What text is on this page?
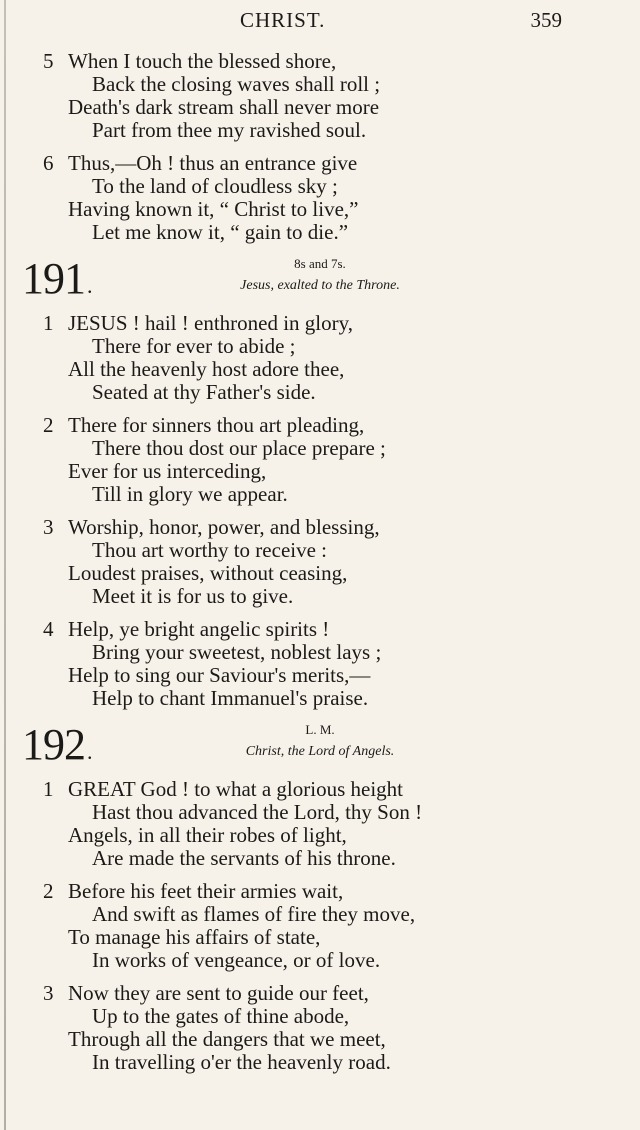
CHRIST.	359
5 When I touch the blessed shore,
Back the closing waves shall roll ;
Death's dark stream shall never more
Part from thee my ravished soul.
6 Thus,—Oh ! thus an entrance give
To the land of cloudless sky ;
Having known it, “ Christ to live,”
Let me know it, “ gain to die.”
191 .	8s and 7s.
Jesus, exalted to the Throne.
1 JESUS ! hail ! enthroned in glory,
There for ever to abide ;
All the heavenly host adore thee,
Seated at thy Father's side.
2 There for sinners thou art pleading,
There thou dost our place prepare ;
Ever for us interceding,
Till in glory we appear.
3 Worship, honor, power, and blessing,
Thou art worthy to receive :
Loudest praises, without ceasing,
Meet it is for us to give.
4 Help, ye bright angelic spirits !
Bring your sweetest, noblest lays ;
Help to sing our Saviour's merits,—
Help to chant Immanuel's praise.
192 .	L. M.
Christ, the Lord of Angels.
1 GREAT God ! to what a glorious height
Hast thou advanced the Lord, thy Son !
Angels, in all their robes of light,
Are made the servants of his throne.
2 Before his feet their armies wait,
And swift as flames of fire they move,
To manage his affairs of state,
In works of vengeance, or of love.
3 Now they are sent to guide our feet,
Up to the gates of thine abode,
Through all the dangers that we meet,
In travelling o'er the heavenly road.
